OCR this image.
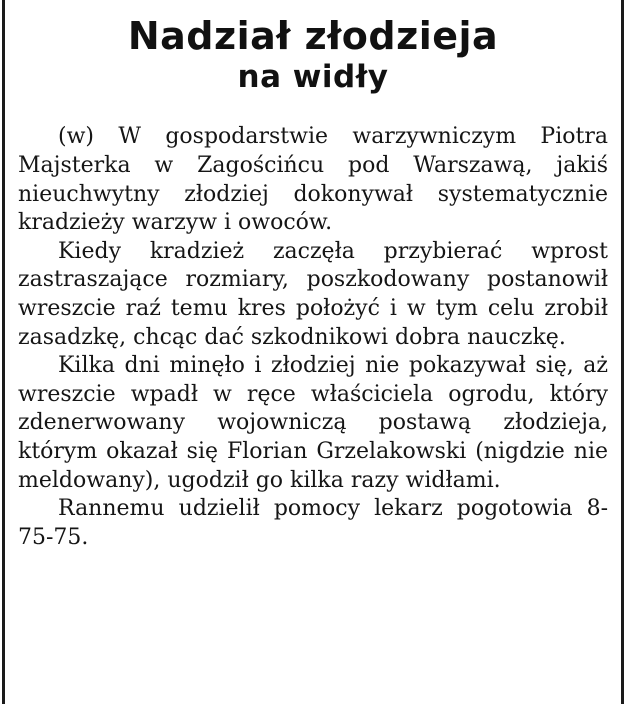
Nadział złodzieja
na widły

(w) W gospodarstwie warzywniczym Piotra Majsterka w Zagościńcu pod Warszawą, jakiś nieuchwytny złodziej dokonywał systematycznie kradzieży warzyw i owoców.

Kiedy kradzież zaczęła przybierać wprost zastraszające rozmiary, poszkodowany postanowił wreszcie raź temu kres położyć i w tym celu zrobił zasadzkę, chcąc dać szkodnikowi dobra nauczkę.

Kilka dni minęło i złodziej nie pokazywał się, aż wreszcie wpadł w ręce właściciela ogrodu, który zdenerwowany wojowniczą postawą złodzieja, którym okazał się Florian Grzelakowski (nigdzie nie meldowany), ugodził go kilka razy widłami.

Rannemu udzielił pomocy lekarz pogotowia 8-75-75.
